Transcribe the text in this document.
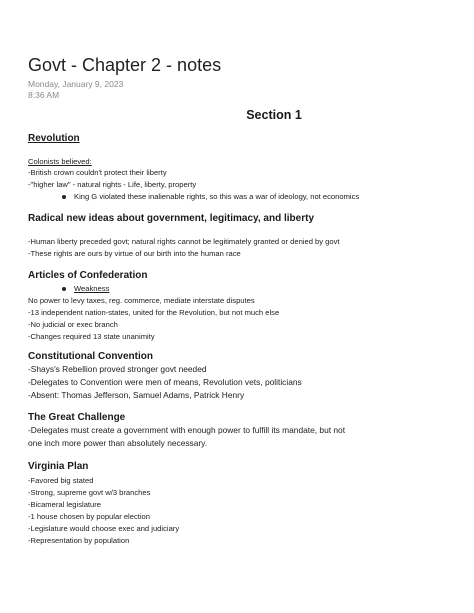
Govt - Chapter 2 - notes
Monday, January 9, 2023
8:36 AM
Section 1
Revolution
Colonists believed:
-British crown couldn't protect their liberty
-"higher law" - natural rights - Life, liberty, property
King G violated these inalienable rights, so this was a war of ideology, not economics
Radical new ideas about government, legitimacy, and liberty
-Human liberty preceded govt; natural rights cannot be legitimately granted or denied by govt
-These rights are ours by virtue of our birth into the human race
Articles of Confederation
Weakness
No power to levy taxes, reg. commerce, mediate interstate disputes
-13 independent nation-states, united for the Revolution, but not much else
-No judicial or exec branch
-Changes required 13 state unanimity
Constitutional Convention
-Shays's Rebellion proved stronger govt needed
-Delegates to Convention were men of means, Revolution vets, politicians
-Absent: Thomas Jefferson, Samuel Adams, Patrick Henry
The Great Challenge
-Delegates must create a government with enough power to fulfill its mandate, but not
one inch more power than absolutely necessary.
Virginia Plan
-Favored big stated
-Strong, supreme govt w/3 branches
-Bicameral legislature
-1 house chosen by popular election
-Legislature would choose exec and judiciary
-Representation by population
